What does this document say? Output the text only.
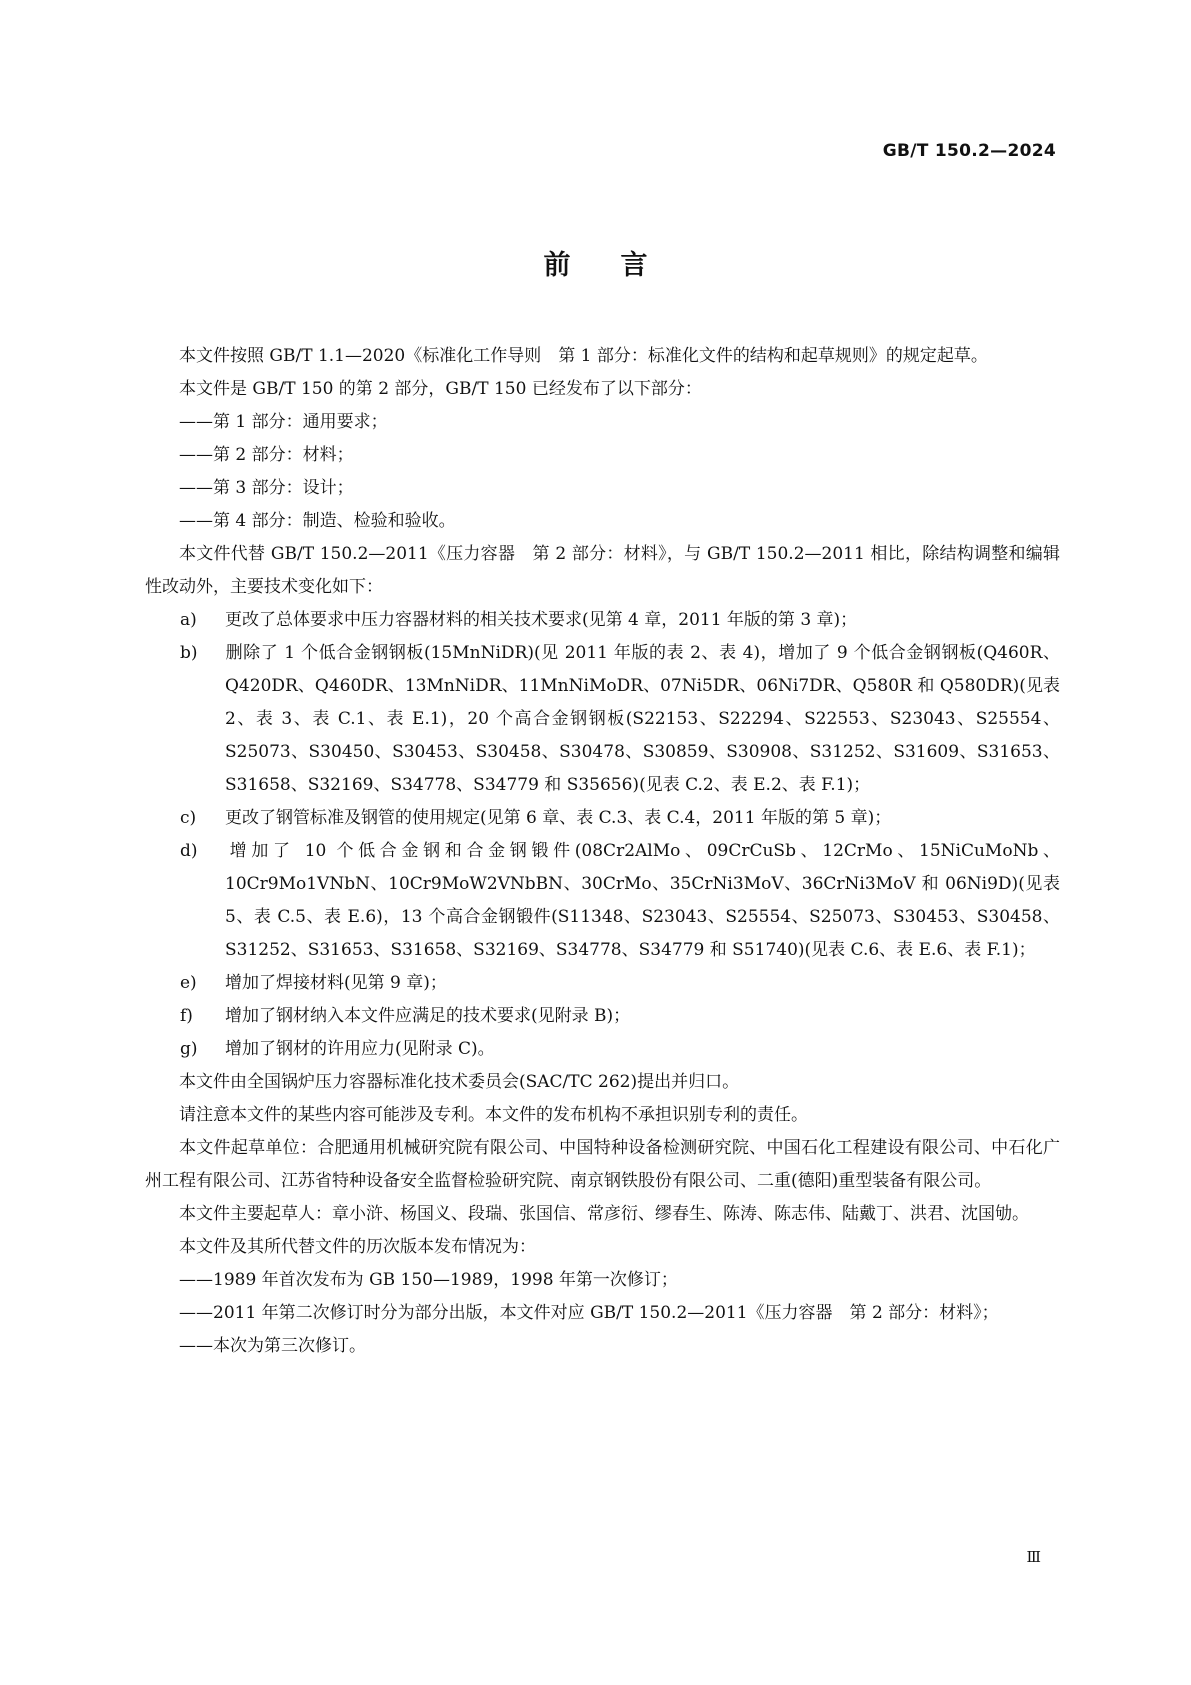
GB/T 150.2—2024
前言
本文件按照 GB/T 1.1—2020《标准化工作导则　第 1 部分：标准化文件的结构和起草规则》的规定起草。
本文件是 GB/T 150 的第 2 部分，GB/T 150 已经发布了以下部分：
——第 1 部分：通用要求；
——第 2 部分：材料；
——第 3 部分：设计；
——第 4 部分：制造、检验和验收。
本文件代替 GB/T 150.2—2011《压力容器　第 2 部分：材料》，与 GB/T 150.2—2011 相比，除结构调整和编辑性改动外，主要技术变化如下：
a) 更改了总体要求中压力容器材料的相关技术要求(见第 4 章，2011 年版的第 3 章)；
b) 删除了 1 个低合金钢钢板(15MnNiDR)(见 2011 年版的表 2、表 4)，增加了 9 个低合金钢钢板(Q460R、Q420DR、Q460DR、13MnNiDR、11MnNiMoDR、07Ni5DR、06Ni7DR、Q580R 和 Q580DR)(见表 2、表 3、表 C.1、表 E.1)，20 个高合金钢钢板(S22153、S22294、S22553、S23043、S25554、S25073、S30450、S30453、S30458、S30478、S30859、S30908、S31252、S31609、S31653、S31658、S32169、S34778、S34779 和 S35656)(见表 C.2、表 E.2、表 F.1)；
c) 更改了钢管标准及钢管的使用规定(见第 6 章、表 C.3、表 C.4，2011 年版的第 5 章)；
d) 增加了 10 个低合金钢和合金钢锻件(08Cr2AlMo、09CrCuSb、12CrMo、15NiCuMoNb、10Cr9Mo1VNbN、10Cr9MoW2VNbBN、30CrMo、35CrNi3MoV、36CrNi3MoV 和 06Ni9D)(见表 5、表 C.5、表 E.6)，13 个高合金钢锻件(S11348、S23043、S25554、S25073、S30453、S30458、S31252、S31653、S31658、S32169、S34778、S34779 和 S51740)(见表 C.6、表 E.6、表 F.1)；
e) 增加了焊接材料(见第 9 章)；
f) 增加了钢材纳入本文件应满足的技术要求(见附录 B)；
g) 增加了钢材的许用应力(见附录 C)。
本文件由全国锅炉压力容器标准化技术委员会(SAC/TC 262)提出并归口。
请注意本文件的某些内容可能涉及专利。本文件的发布机构不承担识别专利的责任。
本文件起草单位：合肥通用机械研究院有限公司、中国特种设备检测研究院、中国石化工程建设有限公司、中石化广州工程有限公司、江苏省特种设备安全监督检验研究院、南京钢铁股份有限公司、二重(德阳)重型装备有限公司。
本文件主要起草人：章小浒、杨国义、段瑞、张国信、常彦衍、缪春生、陈涛、陈志伟、陆戴丁、洪君、沈国劬。
本文件及其所代替文件的历次版本发布情况为：
——1989 年首次发布为 GB 150—1989，1998 年第一次修订；
——2011 年第二次修订时分为部分出版，本文件对应 GB/T 150.2—2011《压力容器　第 2 部分：材料》；
——本次为第三次修订。
Ⅲ
